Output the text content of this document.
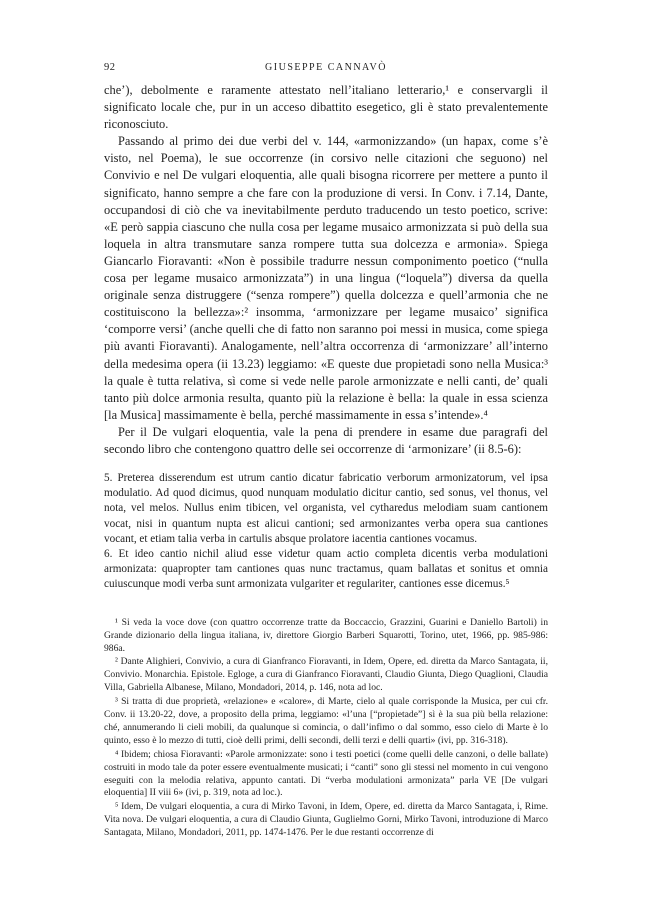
92	GIUSEPPE CANNAVÒ

che’), debolmente e raramente attestato nell’italiano letterario,¹ e conservargli il significato locale che, pur in un acceso dibattito esegetico, gli è stato prevalentemente riconosciuto.

Passando al primo dei due verbi del v. 144, «armonizzando» (un hapax, come s’è visto, nel Poema), le sue occorrenze (in corsivo nelle citazioni che seguono) nel Convivio e nel De vulgari eloquentia, alle quali bisogna ricorrere per mettere a punto il significato, hanno sempre a che fare con la produzione di versi. In Conv. i 7.14, Dante, occupandosi di ciò che va inevitabilmente perduto traducendo un testo poetico, scrive: «E però sappia ciascuno che nulla cosa per legame musaico armonizzata si può della sua loquela in altra transmutare sanza rompere tutta sua dolcezza e armonia». Spiega Giancarlo Fioravanti: «Non è possibile tradurre nessun componimento poetico (“nulla cosa per legame musaico armonizzata”) in una lingua (“loquela”) diversa da quella originale senza distruggere (“senza rompere”) quella dolcezza e quell’armonia che ne costituiscono la bellezza»:² insomma, ‘armonizzare per legame musaico’ significa ‘comporre versi’ (anche quelli che di fatto non saranno poi messi in musica, come spiega più avanti Fioravanti). Analogamente, nell’altra occorrenza di ‘armonizzare’ all’interno della medesima opera (ii 13.23) leggiamo: «E queste due propietadi sono nella Musica:³ la quale è tutta relativa, sì come si vede nelle parole armonizzate e nelli canti, de’ quali tanto più dolce armonia resulta, quanto più la relazione è bella: la quale in essa scienza [la Musica] massimamente è bella, perché massimamente in essa s’intende».⁴

Per il De vulgari eloquentia, vale la pena di prendere in esame due paragrafi del secondo libro che contengono quattro delle sei occorrenze di ‘armonizare’ (ii 8.5-6):

5. Preterea disserendum est utrum cantio dicatur fabricatio verborum armonizatorum, vel ipsa modulatio. Ad quod dicimus, quod nunquam modulatio dicitur cantio, sed sonus, vel thonus, vel nota, vel melos. Nullus enim tibicen, vel organista, vel cytharedus melodiam suam cantionem vocat, nisi in quantum nupta est alicui cantioni; sed armonizantes verba opera sua cantiones vocant, et etiam talia verba in cartulis absque prolatore iacentia cantiones vocamus.

6. Et ideo cantio nichil aliud esse videtur quam actio completa dicentis verba modulationi armonizata: quapropter tam cantiones quas nunc tractamus, quam ballatas et sonitus et omnia cuiuscunque modi verba sunt armonizata vulgariter et regulariter, cantiones esse dicemus.⁵

¹ Si veda la voce dove (con quattro occorrenze tratte da Boccaccio, Grazzini, Guarini e Daniello Bartoli) in Grande dizionario della lingua italiana, iv, direttore Giorgio Barberi Squarotti, Torino, utet, 1966, pp. 985-986: 986a.

² Dante Alighieri, Convivio, a cura di Gianfranco Fioravanti, in Idem, Opere, ed. diretta da Marco Santagata, ii, Convivio. Monarchia. Epistole. Egloge, a cura di Gianfranco Fioravanti, Claudio Giunta, Diego Quaglioni, Claudia Villa, Gabriella Albanese, Milano, Mondadori, 2014, p. 146, nota ad loc.

³ Si tratta di due proprietà, «relazione» e «calore», di Marte, cielo al quale corrisponde la Musica, per cui cfr. Conv. ii 13.20-22, dove, a proposito della prima, leggiamo: «l’una [“propietade”] sì è la sua più bella relazione: ché, annumerando li cieli mobili, da qualunque si comincia, o dall’infimo o dal sommo, esso cielo di Marte è lo quinto, esso è lo mezzo di tutti, cioè delli primi, delli secondi, delli terzi e delli quarti» (ivi, pp. 316-318).

⁴ Ibidem; chiosa Fioravanti: «Parole armonizzate: sono i testi poetici (come quelli delle canzoni, o delle ballate) costruiti in modo tale da poter essere eventualmente musicati; i “canti” sono gli stessi nel momento in cui vengono eseguiti con la melodia relativa, appunto cantati. Di “verba modulationi armonizata” parla VE [De vulgari eloquentia] II viii 6» (ivi, p. 319, nota ad loc.).

⁵ Idem, De vulgari eloquentia, a cura di Mirko Tavoni, in Idem, Opere, ed. diretta da Marco Santagata, i, Rime. Vita nova. De vulgari eloquentia, a cura di Claudio Giunta, Guglielmo Gorni, Mirko Tavoni, introduzione di Marco Santagata, Milano, Mondadori, 2011, pp. 1474-1476. Per le due restanti occorrenze di
